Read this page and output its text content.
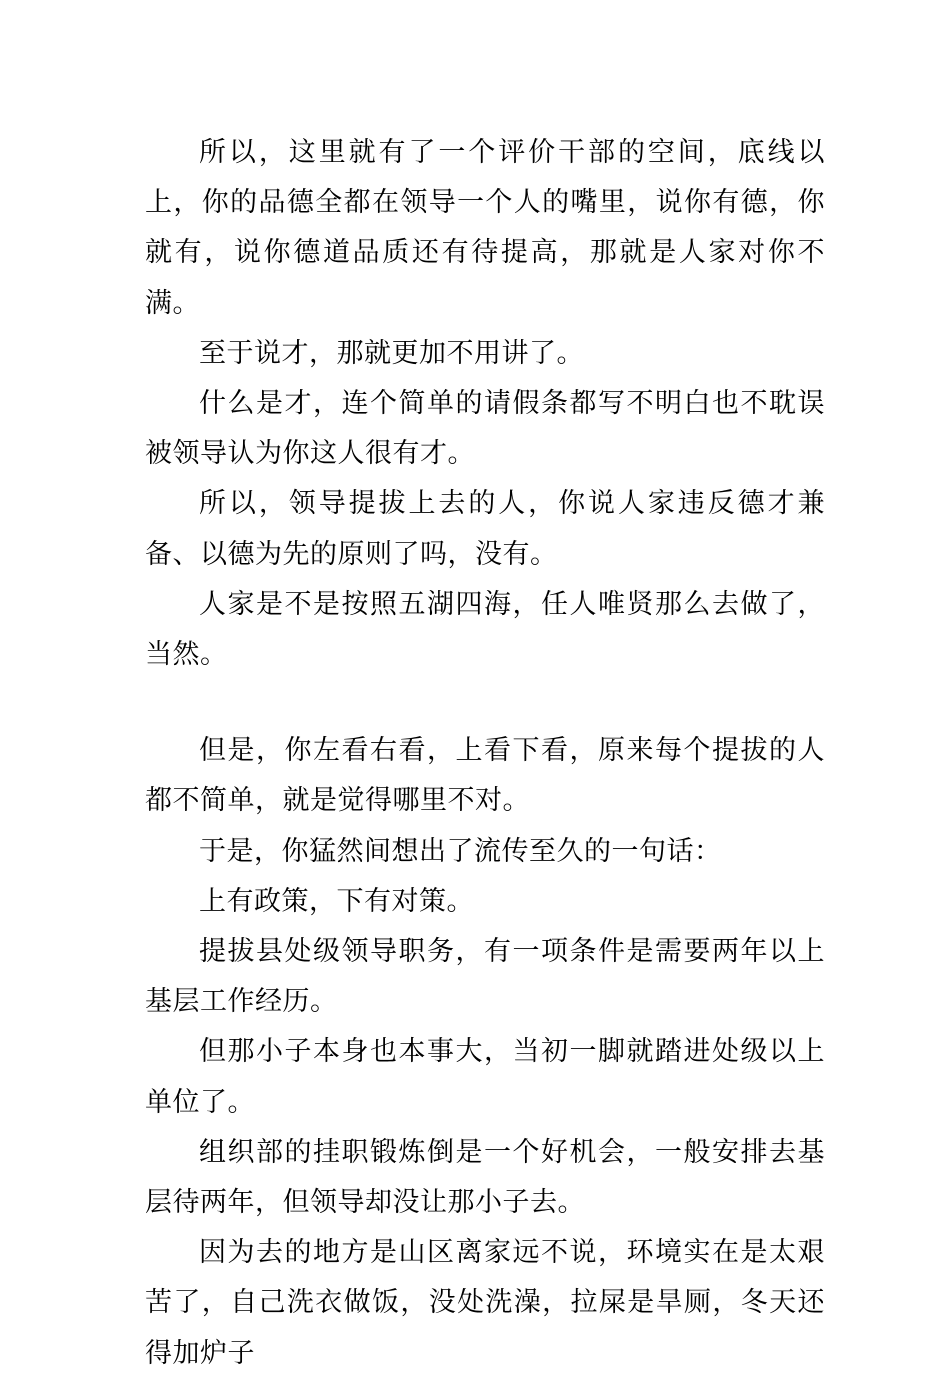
所以，这里就有了一个评价干部的空间，底线以上，你的品德全都在领导一个人的嘴里，说你有德，你就有，说你德道品质还有待提高，那就是人家对你不满。

至于说才，那就更加不用讲了。

什么是才，连个简单的请假条都写不明白也不耽误被领导认为你这人很有才。

所以，领导提拔上去的人，你说人家违反德才兼备、以德为先的原则了吗，没有。

人家是不是按照五湖四海，任人唯贤那么去做了，当然。

但是，你左看右看，上看下看，原来每个提拔的人都不简单，就是觉得哪里不对。

于是，你猛然间想出了流传至久的一句话：

上有政策，下有对策。

提拔县处级领导职务，有一项条件是需要两年以上基层工作经历。

但那小子本身也本事大，当初一脚就踏进处级以上单位了。

组织部的挂职锻炼倒是一个好机会，一般安排去基层待两年，但领导却没让那小子去。

因为去的地方是山区离家远不说，环境实在是太艰苦了，自己洗衣做饭，没处洗澡，拉屎是旱厕，冬天还得加炉子
